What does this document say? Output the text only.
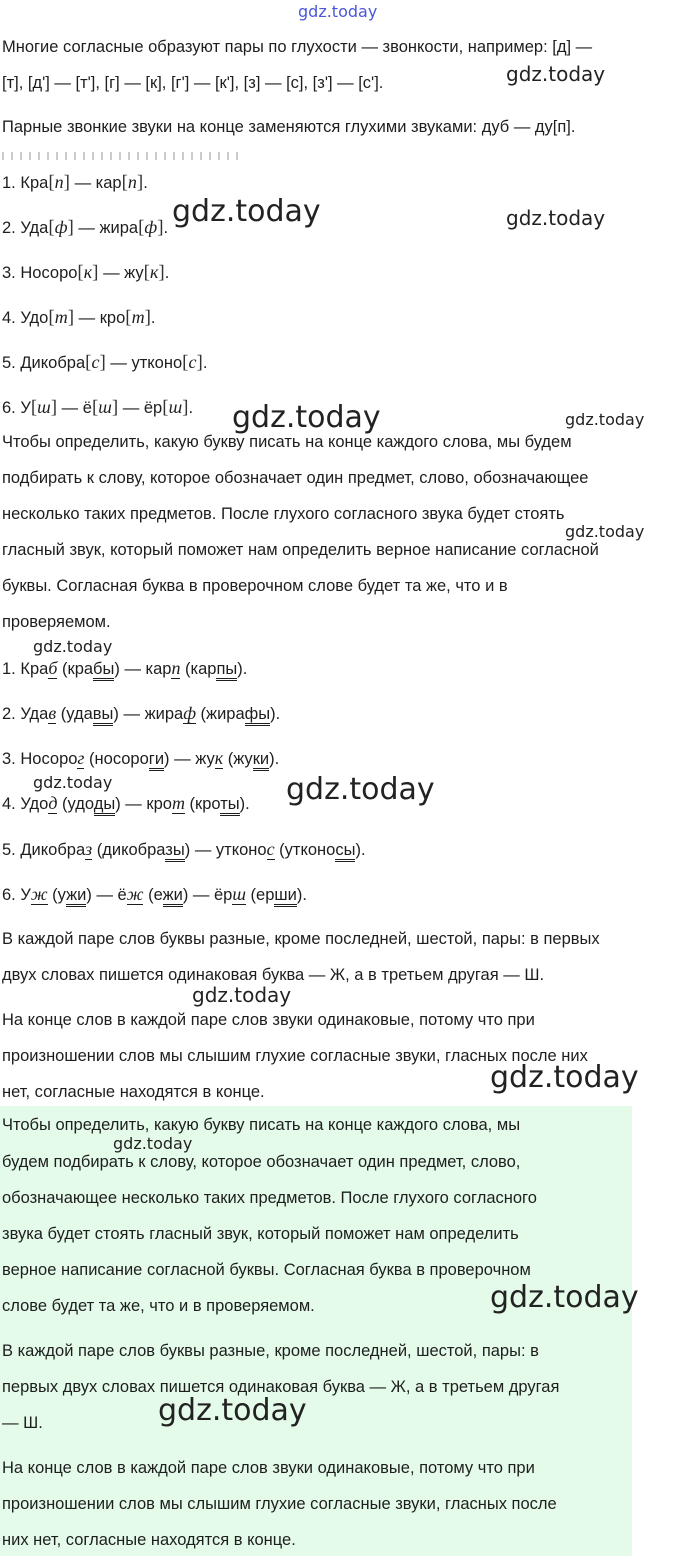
gdz.today
gdz.today
gdz.today	gdz.today
gdz.today	gdz.today
gdz.today
gdz.today
gdz.today	gdz.today
gdz.today
gdz.today
gdz.today
gdz.today
gdz.today
Многие согласные образуют пары по глухости — звонкости, например: [д] —
[т], [д'] — [т'], [г] — [к], [г'] — [к'], [з] — [с], [з'] — [с'].
Парные звонкие звуки на конце заменяются глухими звуками: дуб — ду[п].
1. Кра[п] — кар[п].
2. Уда[ф] — жира[ф].
3. Носоро[к] — жу[к].
4. Удо[т] — кро[т].
5. Дикобра[с] — утконо[с].
6. У[ш] — ё[ш] — ёр[ш].
Чтобы определить, какую букву писать на конце каждого слова, мы будем
подбирать к слову, которое обозначает один предмет, слово, обозначающее
несколько таких предметов. После глухого согласного звука будет стоять
гласный звук, который поможет нам определить верное написание согласной
буквы. Согласная буква в проверочном слове будет та же, что и в
проверяемом.
1. Краб (крабы) — карп (карпы).
2. Удав (удавы) — жираф (жирафы).
3. Носорог (носороги) — жук (жуки).
4. Удод (удоды) — крот (кроты).
5. Дикобраз (дикобразы) — утконос (утконосы).
6. Уж (ужи) — ёж (ежи) — ёрш (ерши).
В каждой паре слов буквы разные, кроме последней, шестой, пары: в первых
двух словах пишется одинаковая буква — Ж, а в третьем другая — Ш.
На конце слов в каждой паре слов звуки одинаковые, потому что при
произношении слов мы слышим глухие согласные звуки, гласных после них
нет, согласные находятся в конце.
Чтобы определить, какую букву писать на конце каждого слова, мы
будем подбирать к слову, которое обозначает один предмет, слово,
обозначающее несколько таких предметов. После глухого согласного
звука будет стоять гласный звук, который поможет нам определить
верное написание согласной буквы. Согласная буква в проверочном
слове будет та же, что и в проверяемом.
В каждой паре слов буквы разные, кроме последней, шестой, пары: в
первых двух словах пишется одинаковая буква — Ж, а в третьем другая
— Ш.
На конце слов в каждой паре слов звуки одинаковые, потому что при
произношении слов мы слышим глухие согласные звуки, гласных после
них нет, согласные находятся в конце.
